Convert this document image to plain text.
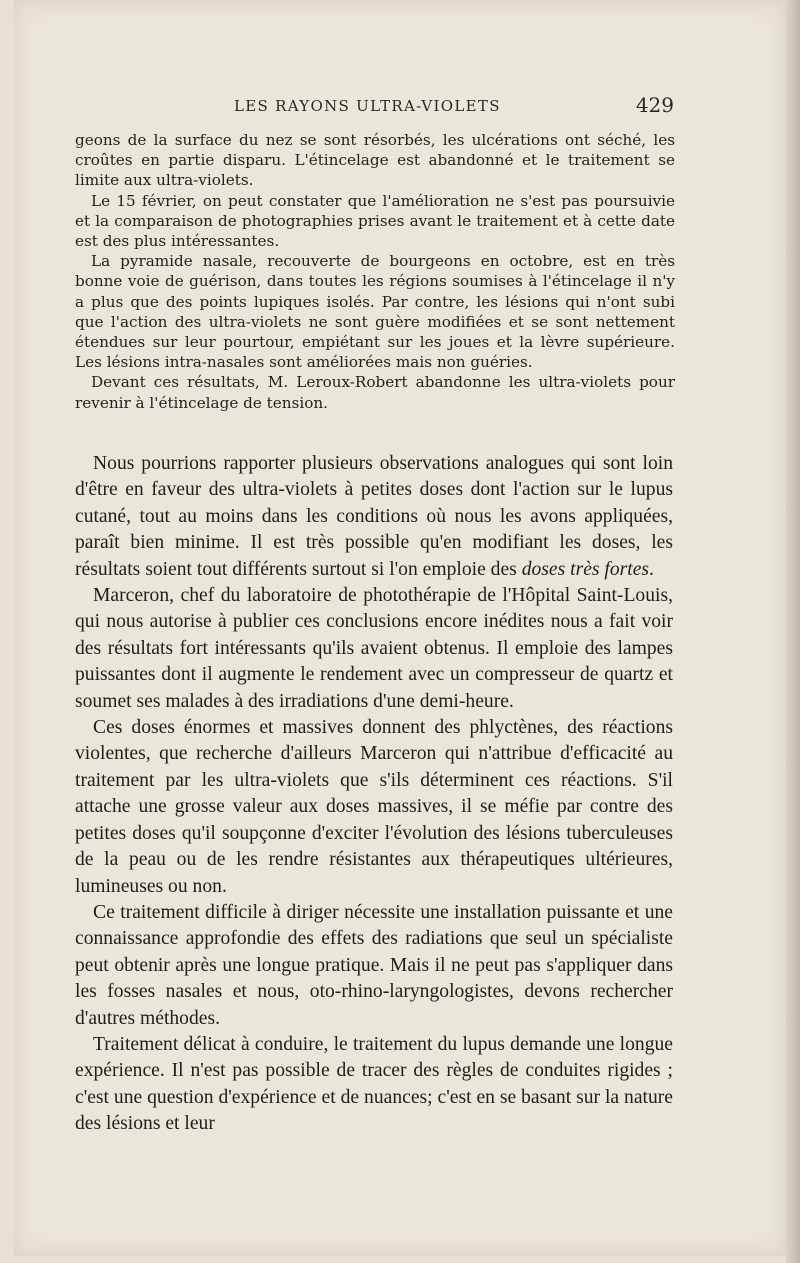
LES RAYONS ULTRA-VIOLETS	429

geons de la surface du nez se sont résorbés, les ulcérations ont séché, les croûtes en partie disparu. L'étincelage est abandonné et le traitement se limite aux ultra-violets.

Le 15 février, on peut constater que l'amélioration ne s'est pas poursuivie et la comparaison de photographies prises avant le traitement et à cette date est des plus intéressantes.

La pyramide nasale, recouverte de bourgeons en octobre, est en très bonne voie de guérison, dans toutes les régions soumises à l'étincelage il n'y a plus que des points lupiques isolés. Par contre, les lésions qui n'ont subi que l'action des ultra-violets ne sont guère modifiées et se sont nettement étendues sur leur pourtour, empiétant sur les joues et la lèvre supérieure. Les lésions intra-nasales sont améliorées mais non guéries.

Devant ces résultats, M. Leroux-Robert abandonne les ultra-violets pour revenir à l'étincelage de tension.

Nous pourrions rapporter plusieurs observations analogues qui sont loin d'être en faveur des ultra-violets à petites doses dont l'action sur le lupus cutané, tout au moins dans les conditions où nous les avons appliquées, paraît bien minime. Il est très possible qu'en modifiant les doses, les résultats soient tout différents surtout si l'on emploie des doses très fortes.

Marceron, chef du laboratoire de photothérapie de l'Hôpital Saint-Louis, qui nous autorise à publier ces conclusions encore inédites nous a fait voir des résultats fort intéressants qu'ils avaient obtenus. Il emploie des lampes puissantes dont il augmente le rendement avec un compresseur de quartz et soumet ses malades à des irradiations d'une demi-heure.

Ces doses énormes et massives donnent des phlyctènes, des réactions violentes, que recherche d'ailleurs Marceron qui n'attribue d'efficacité au traitement par les ultra-violets que s'ils déterminent ces réactions. S'il attache une grosse valeur aux doses massives, il se méfie par contre des petites doses qu'il soupçonne d'exciter l'évolution des lésions tuberculeuses de la peau ou de les rendre résistantes aux thérapeutiques ultérieures, lumineuses ou non.

Ce traitement difficile à diriger nécessite une installation puissante et une connaissance approfondie des effets des radiations que seul un spécialiste peut obtenir après une longue pratique. Mais il ne peut pas s'appliquer dans les fosses nasales et nous, oto-rhino-laryngologistes, devons rechercher d'autres méthodes.

Traitement délicat à conduire, le traitement du lupus demande une longue expérience. Il n'est pas possible de tracer des règles de conduites rigides ; c'est une question d'expérience et de nuances; c'est en se basant sur la nature des lésions et leur
